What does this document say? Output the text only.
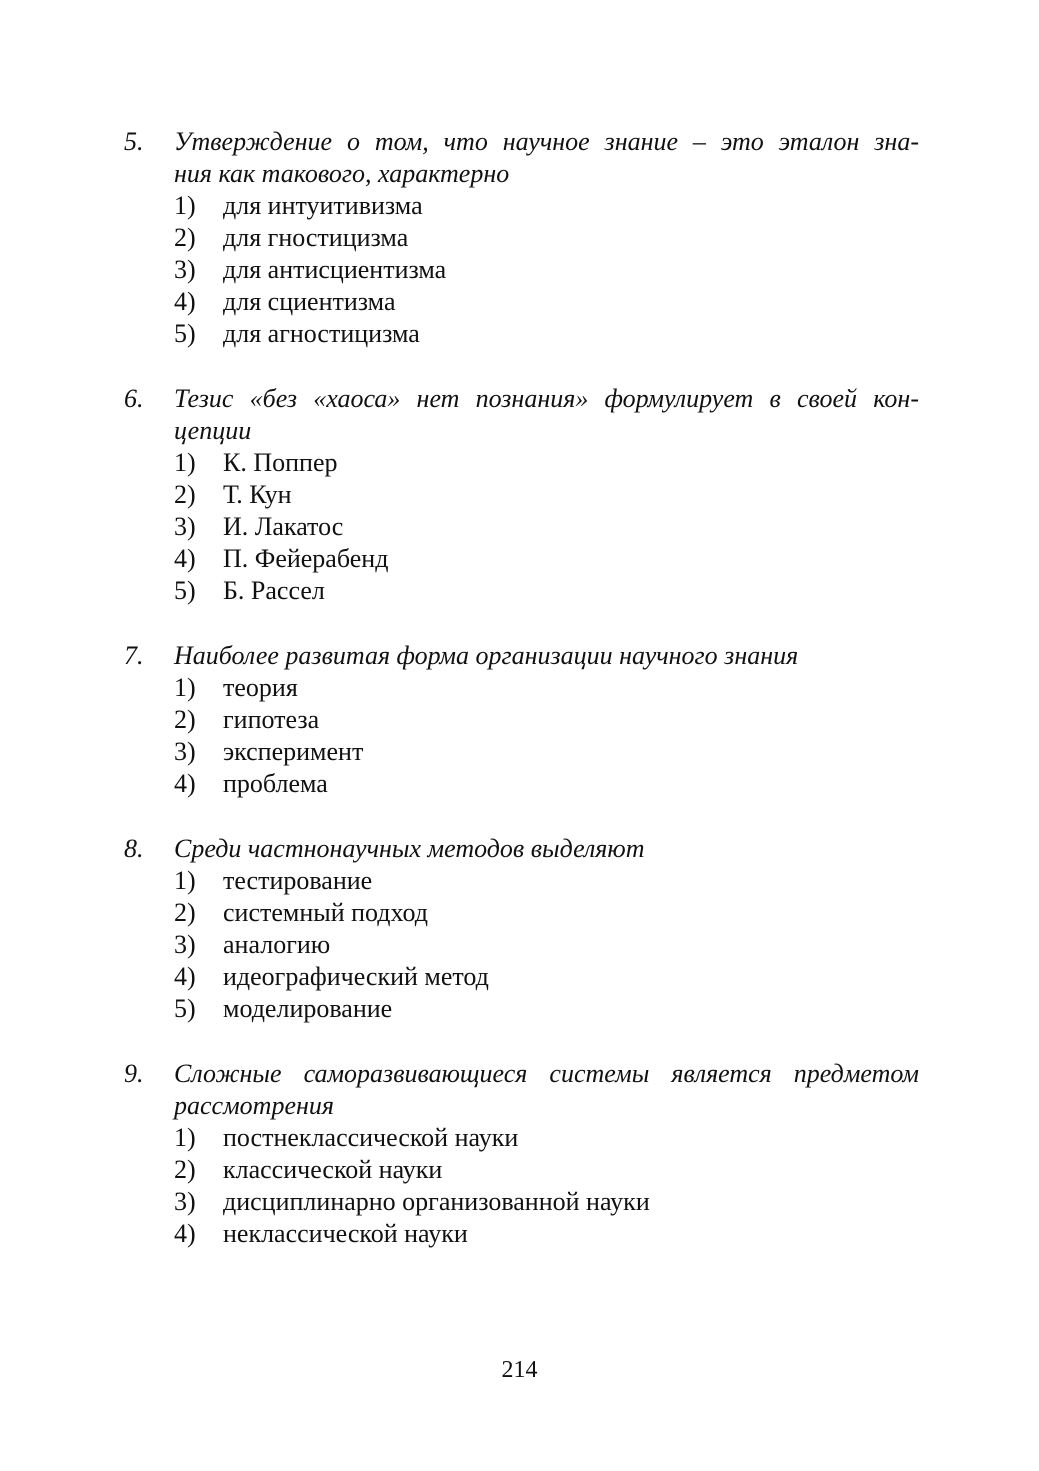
5. Утверждение о том, что научное знание – это эталон зна-
ния как такового, характерно
1) для интуитивизма
2) для гностицизма
3) для антисциентизма
4) для сциентизма
5) для агностицизма
6. Тезис «без «хаоса» нет познания» формулирует в своей кон-
цепции
1) К. Поппер
2) Т. Кун
3) И. Лакатос
4) П. Фейерабенд
5) Б. Рассел
7. Наиболее развитая форма организации научного знания
1) теория
2) гипотеза
3) эксперимент
4) проблема
8. Среди частнонаучных методов выделяют
1) тестирование
2) системный подход
3) аналогию
4) идеографический метод
5) моделирование
9. Сложные саморазвивающиеся системы является предметом
рассмотрения
1) постнеклассической науки
2) классической науки
3) дисциплинарно организованной науки
4) неклассической науки
214
